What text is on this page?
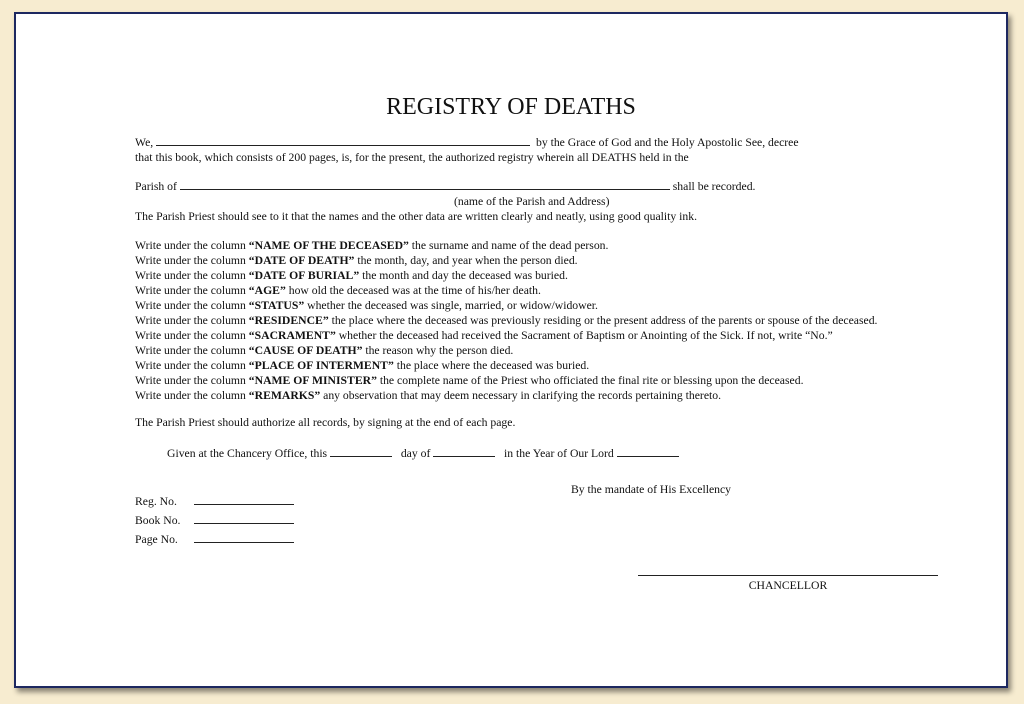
REGISTRY OF DEATHS
We,	by the Grace of God and the Holy Apostolic See, decree
that this book, which consists of 200 pages, is, for the present, the authorized registry wherein all DEATHS held in the
Parish of	shall be recorded.
(name of the Parish and Address)
The Parish Priest should see to it that the names and the other data are written clearly and neatly, using good quality ink.
Write under the column “NAME OF THE DECEASED” the surname and name of the dead person.
Write under the column “DATE OF DEATH” the month, day, and year when the person died.
Write under the column “DATE OF BURIAL” the month and day the deceased was buried.
Write under the column “AGE” how old the deceased was at the time of his/her death.
Write under the column “STATUS” whether the deceased was single, married, or widow/widower.
Write under the column “RESIDENCE” the place where the deceased was previously residing or the present address of the parents or spouse of the deceased.
Write under the column “SACRAMENT” whether the deceased had received the Sacrament of Baptism or Anointing of the Sick. If not, write “No.”
Write under the column “CAUSE OF DEATH” the reason why the person died.
Write under the column “PLACE OF INTERMENT” the place where the deceased was buried.
Write under the column “NAME OF MINISTER” the complete name of the Priest who officiated the final rite or blessing upon the deceased.
Write under the column “REMARKS” any observation that may deem necessary in clarifying the records pertaining thereto.
The Parish Priest should authorize all records, by signing at the end of each page.
Given at the Chancery Office, this	day of	in the Year of Our Lord
By the mandate of His Excellency
Reg. No.
Book No.
Page No.
CHANCELLOR
